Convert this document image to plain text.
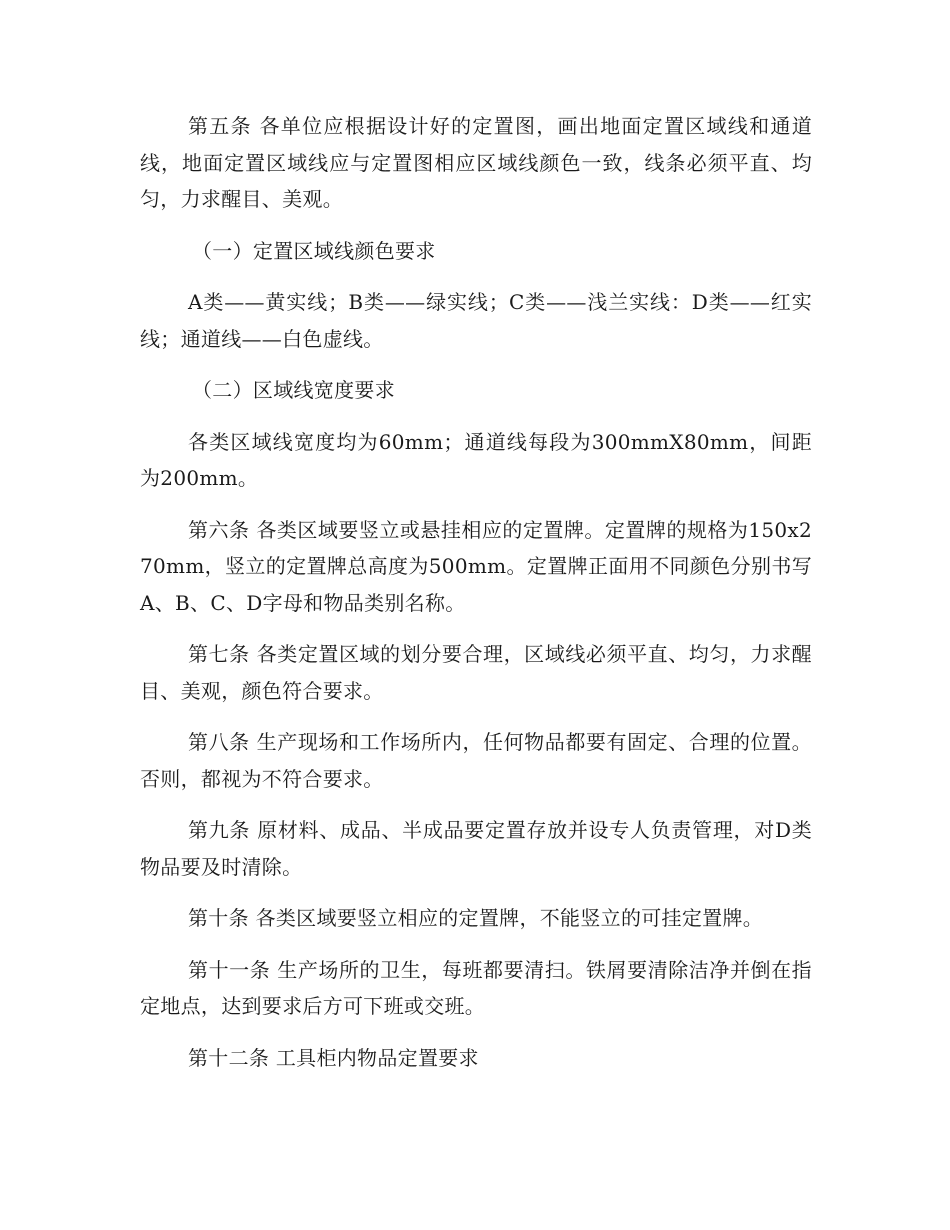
第五条 各单位应根据设计好的定置图，画出地面定置区域线和通道线，地面定置区域线应与定置图相应区域线颜色一致，线条必须平直、均匀，力求醒目、美观。

（一）定置区域线颜色要求

A类——黄实线；B类——绿实线；C类——浅兰实线：D类——红实线；通道线——白色虚线。

（二）区域线宽度要求

各类区域线宽度均为60mm；通道线每段为300mmX80mm，间距为200mm。

第六条 各类区域要竖立或悬挂相应的定置牌。定置牌的规格为150x270mm，竖立的定置牌总高度为500mm。定置牌正面用不同颜色分别书写A、B、C、D字母和物品类别名称。

第七条 各类定置区域的划分要合理，区域线必须平直、均匀，力求醒目、美观，颜色符合要求。

第八条 生产现场和工作场所内，任何物品都要有固定、合理的位置。否则，都视为不符合要求。

第九条 原材料、成品、半成品要定置存放并设专人负责管理，对D类物品要及时清除。

第十条 各类区域要竖立相应的定置牌，不能竖立的可挂定置牌。

第十一条 生产场所的卫生，每班都要清扫。铁屑要清除洁净并倒在指定地点，达到要求后方可下班或交班。

第十二条 工具柜内物品定置要求
